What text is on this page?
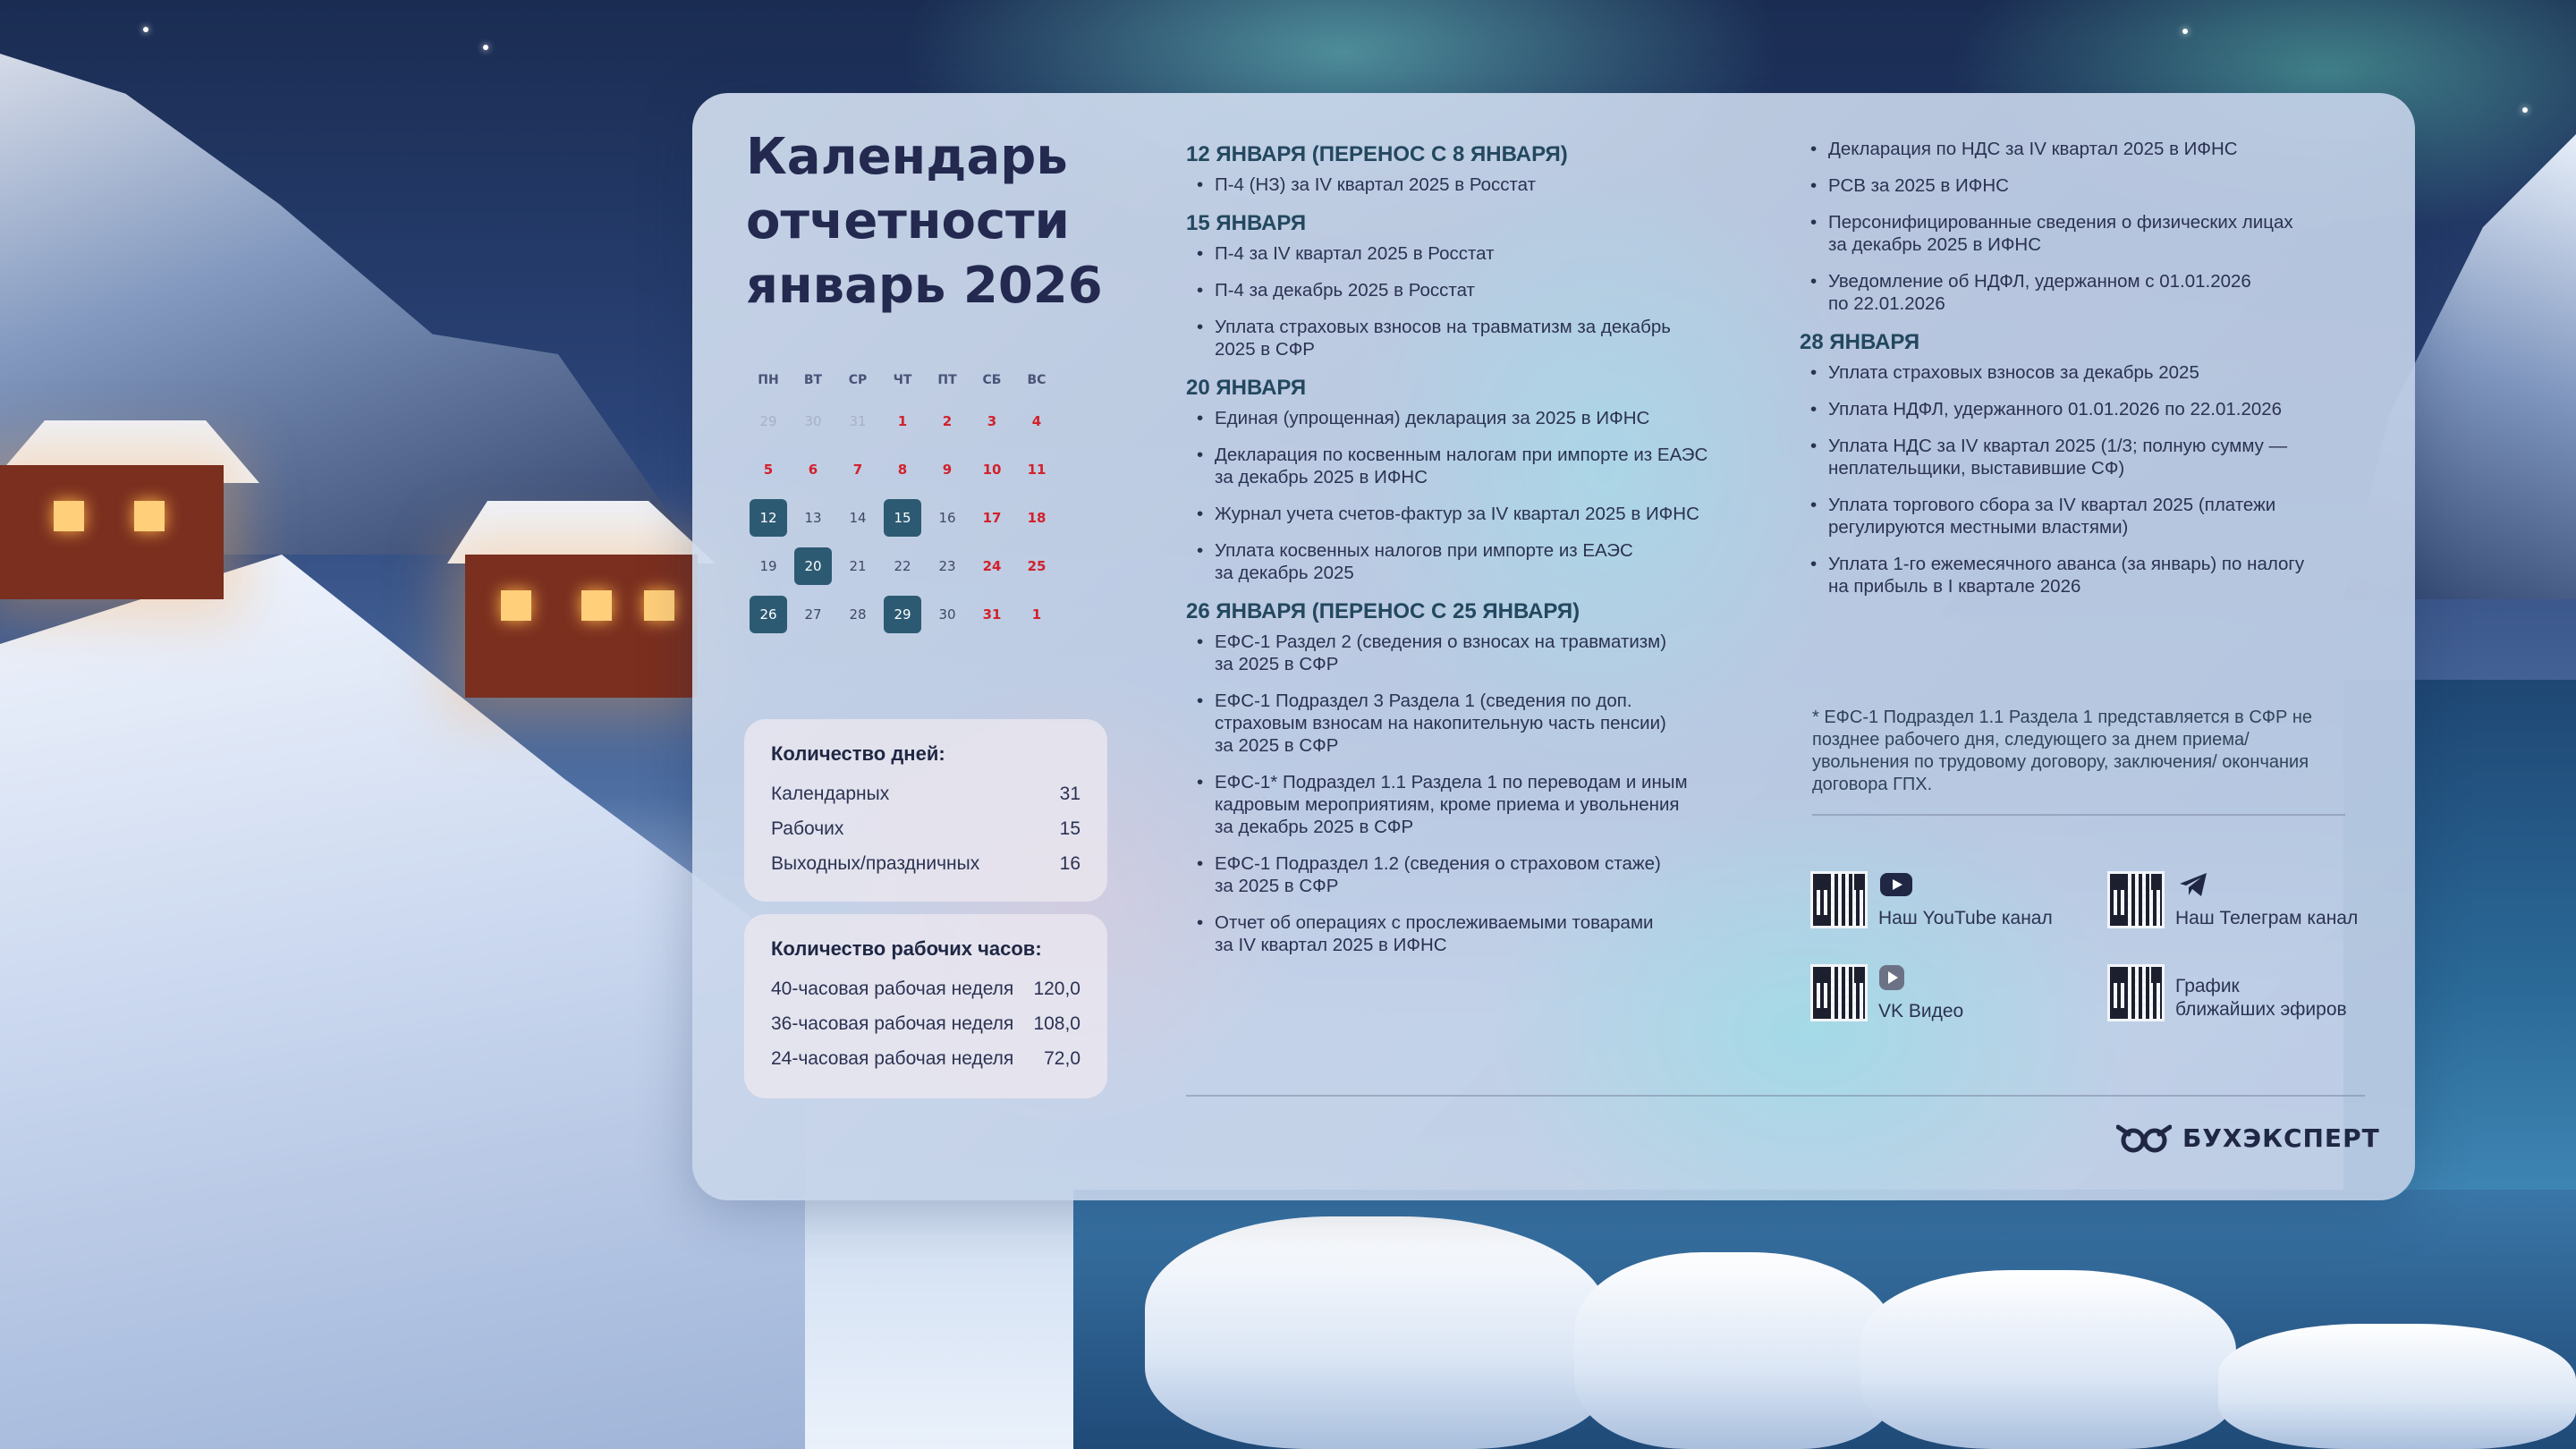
Календарь
отчетности
январь 2026
ПН	ВТ	СР	ЧТ	ПТ	СБ	ВС
29	30	31	1	2	3	4
5	6	7	8	9	10	11
12	13	14	15	16	17	18
19	20	21	22	23	24	25
26	27	28	29	30	31	1
Количество дней:
Календарных	31
Рабочих	15
Выходных/праздничных	16
Количество рабочих часов:
40-часовая рабочая неделя 120,0
36-часовая рабочая неделя 108,0
24-часовая рабочая неделя 72,0
12 ЯНВАРЯ (ПЕРЕНОС С 8 ЯНВАРЯ)
• П-4 (НЗ) за IV квартал 2025 в Росстат
15 ЯНВАРЯ
• П-4 за IV квартал 2025 в Росстат
• П-4 за декабрь 2025 в Росстат
• Уплата страховых взносов на травматизм за декабрь
2025 в СФР
20 ЯНВАРЯ
• Единая (упрощенная) декларация за 2025 в ИФНС
• Декларация по косвенным налогам при импорте из ЕАЭС
за декабрь 2025 в ИФНС
• Журнал учета счетов-фактур за IV квартал 2025 в ИФНС
• Уплата косвенных налогов при импорте из ЕАЭС
за декабрь 2025
26 ЯНВАРЯ (ПЕРЕНОС С 25 ЯНВАРЯ)
• ЕФС-1 Раздел 2 (сведения о взносах на травматизм)
за 2025 в СФР
• ЕФС-1 Подраздел 3 Раздела 1 (сведения по доп.
страховым взносам на накопительную часть пенсии)
за 2025 в СФР
• ЕФС-1* Подраздел 1.1 Раздела 1 по переводам и иным
кадровым мероприятиям, кроме приема и увольнения
за декабрь 2025 в СФР
• ЕФС-1 Подраздел 1.2 (сведения о страховом стаже)
за 2025 в СФР
• Отчет об операциях с прослеживаемыми товарами
за IV квартал 2025 в ИФНС
• Декларация по НДС за IV квартал 2025 в ИФНС
• РСВ за 2025 в ИФНС
• Персонифицированные сведения о физических лицах
за декабрь 2025 в ИФНС
• Уведомление об НДФЛ, удержанном с 01.01.2026
по 22.01.2026
28 ЯНВАРЯ
• Уплата страховых взносов за декабрь 2025
• Уплата НДФЛ, удержанного 01.01.2026 по 22.01.2026
• Уплата НДС за IV квартал 2025 (1/3; полную сумму —
неплательщики, выставившие СФ)
• Уплата торгового сбора за IV квартал 2025 (платежи
регулируются местными властями)
• Уплата 1-го ежемесячного аванса (за январь) по налогу
на прибыль в I квартале 2026
* ЕФС-1 Подраздел 1.1 Раздела 1 представляется в СФР не позднее рабочего дня, следующего за днем приема/ увольнения по трудовому договору, заключения/ окончания договора ГПХ.
Наш YouTube канал	Наш Телеграм канал
VK Видео
График
ближайших эфиров
БУХЭКСПЕРТ
